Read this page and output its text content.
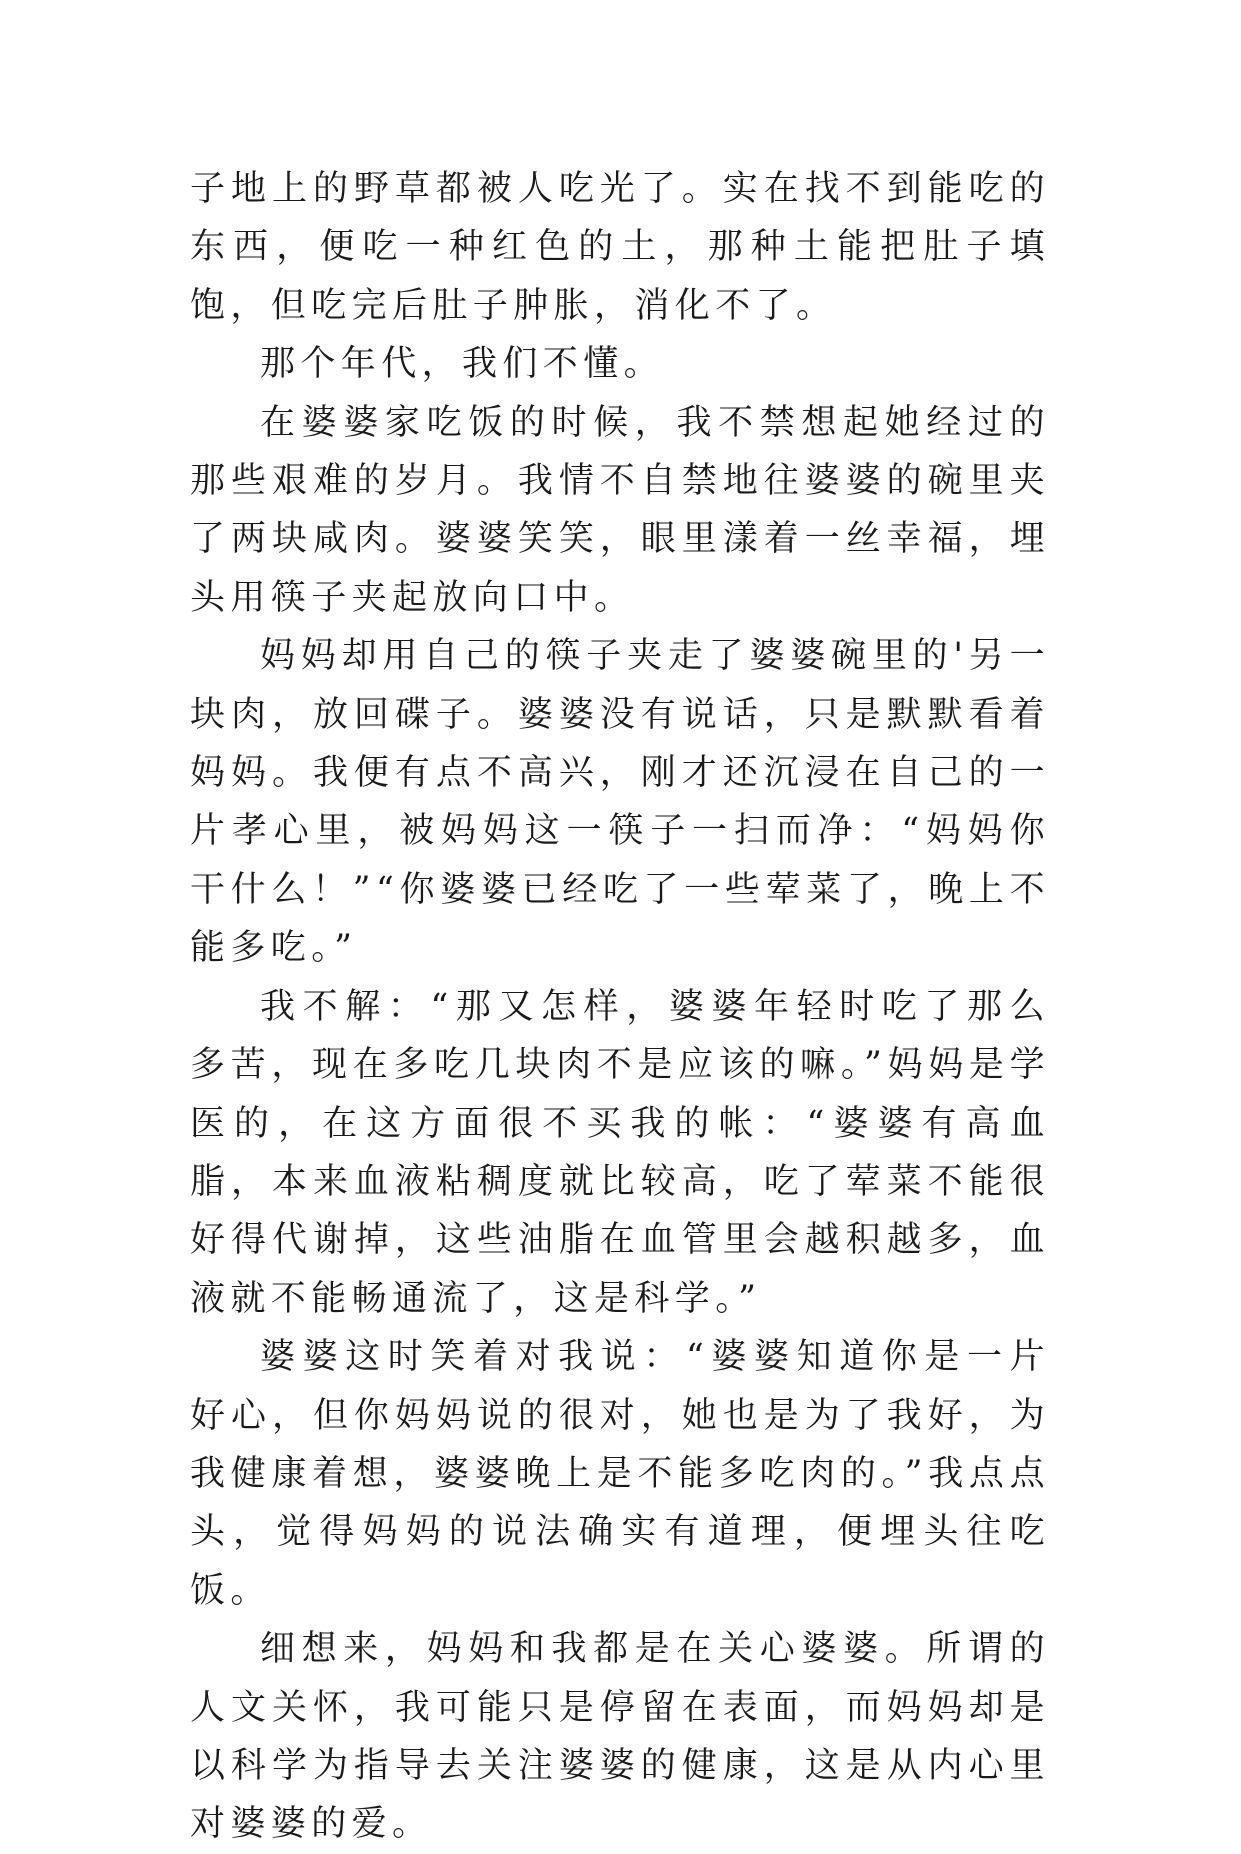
子地上的野草都被人吃光了。实在找不到能吃的东西，便吃一种红色的土，那种土能把肚子填饱，但吃完后肚子肿胀，消化不了。

那个年代，我们不懂。

在婆婆家吃饭的时候，我不禁想起她经过的那些艰难的岁月。我情不自禁地往婆婆的碗里夹了两块咸肉。婆婆笑笑，眼里漾着一丝幸福，埋头用筷子夹起放向口中。

妈妈却用自己的筷子夹走了婆婆碗里的'另一块肉，放回碟子。婆婆没有说话，只是默默看着妈妈。我便有点不高兴，刚才还沉浸在自己的一片孝心里，被妈妈这一筷子一扫而净：“妈妈你干什么！”“你婆婆已经吃了一些荤菜了，晚上不能多吃。”

我不解：“那又怎样，婆婆年轻时吃了那么多苦，现在多吃几块肉不是应该的嘛。”妈妈是学医的，在这方面很不买我的帐：“婆婆有高血脂，本来血液粘稠度就比较高，吃了荤菜不能很好得代谢掉，这些油脂在血管里会越积越多，血液就不能畅通流了，这是科学。”

婆婆这时笑着对我说：“婆婆知道你是一片好心，但你妈妈说的很对，她也是为了我好，为我健康着想，婆婆晚上是不能多吃肉的。”我点点头，觉得妈妈的说法确实有道理，便埋头往吃饭。

细想来，妈妈和我都是在关心婆婆。所谓的人文关怀，我可能只是停留在表面，而妈妈却是以科学为指导去关注婆婆的健康，这是从内心里对婆婆的爱。
